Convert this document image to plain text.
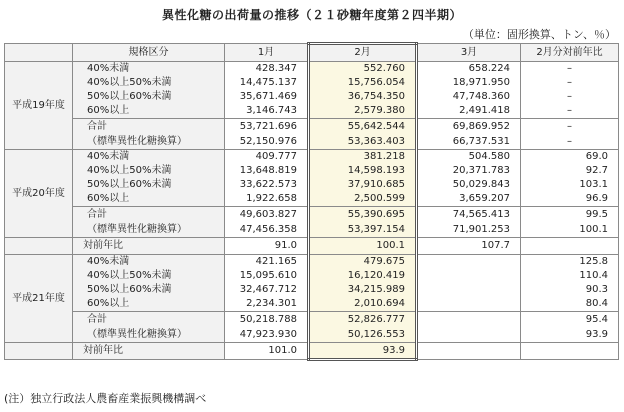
異性化糖の出荷量の推移（２１砂糖年度第２四半期）
（単位：固形換算、トン、％）
	規格区分	1月	2月	3月	2月分対前年比
平成19年度	40%未満	428.347	552.760	658.224	–
	40%以上50%未満	14,475.137	15,756.054	18,971.950	–
	50%以上60%未満	35,671.469	36,754.350	47,748.360	–
	60%以上	3,146.743	2,579.380	2,491.418	–
	合計	53,721.696	55,642.544	69,869.952	–
	（標準異性化糖換算）	52,150.976	53,363.403	66,737.531	–
平成20年度	40%未満	409.777	381.218	504.580	69.0
	40%以上50%未満	13,648.819	14,598.193	20,371.783	92.7
	50%以上60%未満	33,622.573	37,910.685	50,029.843	103.1
	60%以上	1,922.658	2,500.599	3,659.207	96.9
	合計	49,603.827	55,390.695	74,565.413	99.5
	（標準異性化糖換算）	47,456.358	53,397.154	71,901.253	100.1
	対前年比	91.0	100.1	107.7	
平成21年度	40%未満	421.165	479.675		125.8
	40%以上50%未満	15,095.610	16,120.419		110.4
	50%以上60%未満	32,467.712	34,215.989		90.3
	60%以上	2,234.301	2,010.694		80.4
	合計	50,218.788	52,826.777		95.4
	（標準異性化糖換算）	47,923.930	50,126.553		93.9
	対前年比	101.0	93.9		
(注）独立行政法人農畜産業振興機構調べ
